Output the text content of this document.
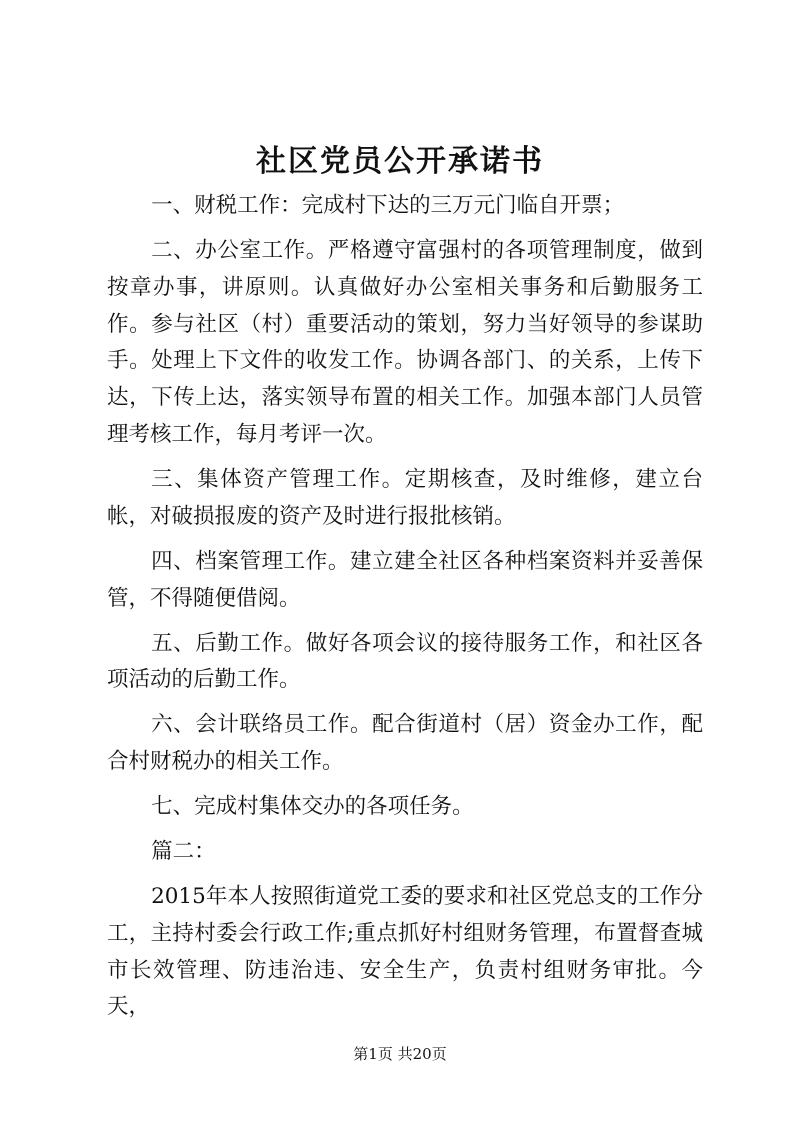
社区党员公开承诺书

一、财税工作：完成村下达的三万元门临自开票；

二、办公室工作。严格遵守富强村的各项管理制度，做到按章办事，讲原则。认真做好办公室相关事务和后勤服务工作。参与社区（村）重要活动的策划，努力当好领导的参谋助手。处理上下文件的收发工作。协调各部门、的关系，上传下达，下传上达，落实领导布置的相关工作。加强本部门人员管理考核工作，每月考评一次。

三、集体资产管理工作。定期核查，及时维修，建立台帐，对破损报废的资产及时进行报批核销。

四、档案管理工作。建立建全社区各种档案资料并妥善保管，不得随便借阅。

五、后勤工作。做好各项会议的接待服务工作，和社区各项活动的后勤工作。

六、会计联络员工作。配合街道村（居）资金办工作，配合村财税办的相关工作。

七、完成村集体交办的各项任务。

篇二：

2015年本人按照街道党工委的要求和社区党总支的工作分工，主持村委会行政工作;重点抓好村组财务管理，布置督查城市长效管理、防违治违、安全生产，负责村组财务审批。今天，

第1页 共20页
